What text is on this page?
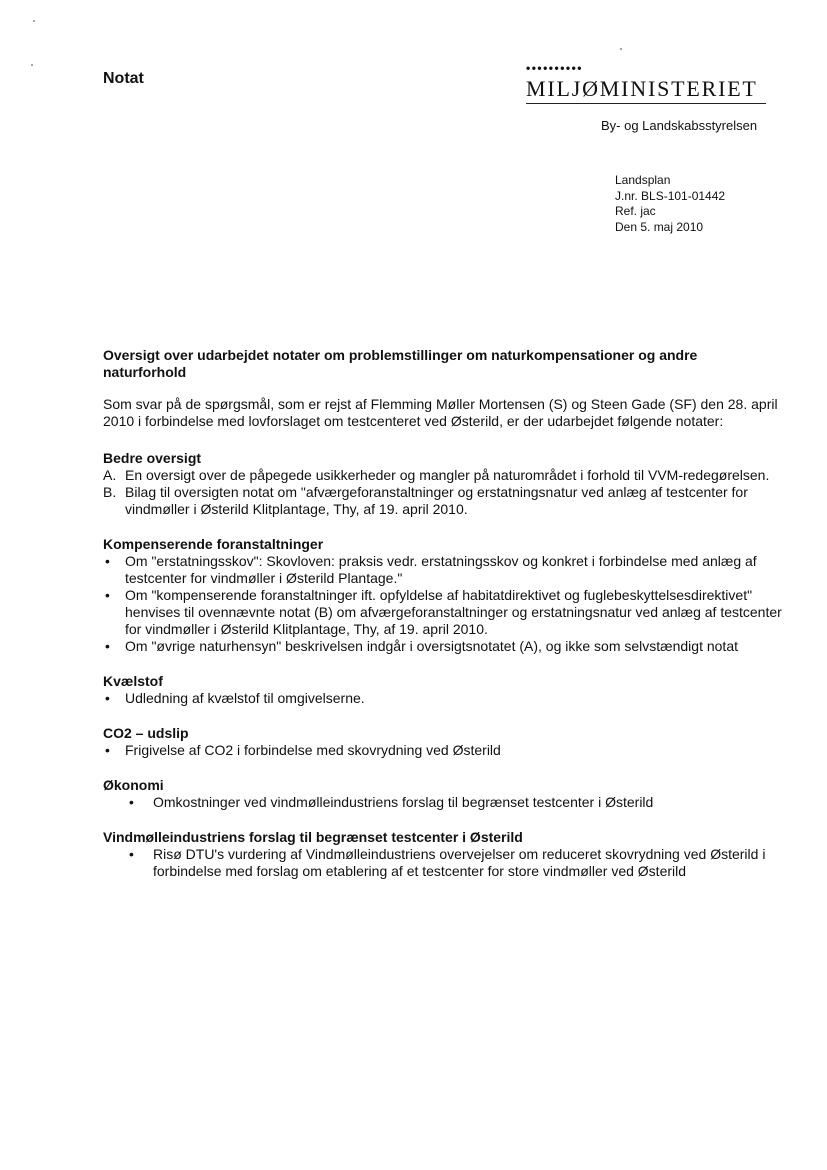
Notat
••••••••••
MILJØMINISTERIET
By- og Landskabsstyrelsen
Landsplan
J.nr. BLS-101-01442
Ref. jac
Den 5. maj 2010
Oversigt over udarbejdet notater om problemstillinger om naturkompensationer og andre naturforhold

Som svar på de spørgsmål, som er rejst af Flemming Møller Mortensen (S) og Steen Gade (SF) den 28. april 2010 i forbindelse med lovforslaget om testcenteret ved Østerild, er der udarbejdet følgende notater:

Bedre oversigt
A. En oversigt over de påpegede usikkerheder og mangler på naturområdet i forhold til VVM-redegørelsen.
B. Bilag til oversigten notat om "afværgeforanstaltninger og erstatningsnatur ved anlæg af testcenter for vindmøller i Østerild Klitplantage, Thy, af 19. april 2010.
Kompenserende foranstaltninger
• Om "erstatningsskov": Skovloven: praksis vedr. erstatningsskov og konkret i forbindelse med anlæg af testcenter for vindmøller i Østerild Plantage."
• Om "kompenserende foranstaltninger ift. opfyldelse af habitatdirektivet og fuglebeskyttelsesdirektivet" henvises til ovennævnte notat (B) om afværgeforanstaltninger og erstatningsnatur ved anlæg af testcenter for vindmøller i Østerild Klitplantage, Thy, af 19. april 2010.
• Om "øvrige naturhensyn" beskrivelsen indgår i oversigtsnotatet (A), og ikke som selvstændigt notat
Kvælstof
• Udledning af kvælstof til omgivelserne.
CO2 – udslip
• Frigivelse af CO2 i forbindelse med skovrydning ved Østerild
Økonomi
• Omkostninger ved vindmølleindustriens forslag til begrænset testcenter i Østerild
Vindmølleindustriens forslag til begrænset testcenter i Østerild
• Risø DTU's vurdering af Vindmølleindustriens overvejelser om reduceret skovrydning ved Østerild i forbindelse med forslag om etablering af et testcenter for store vindmøller ved Østerild
